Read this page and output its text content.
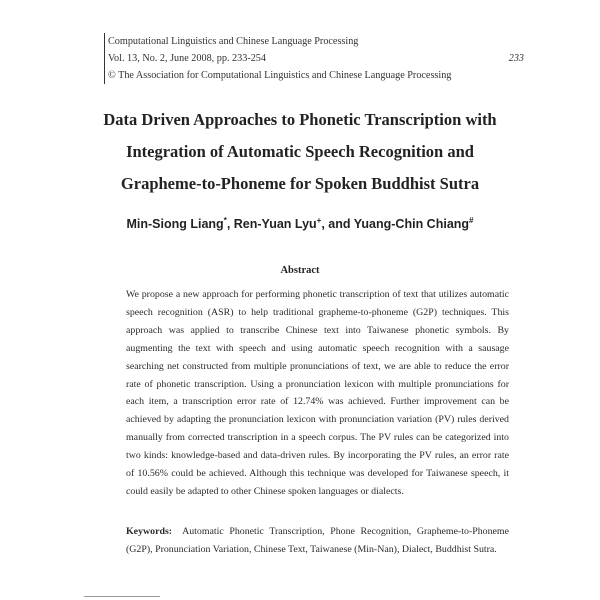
Computational Linguistics and Chinese Language Processing
Vol. 13, No. 2, June 2008, pp. 233-254	233
© The Association for Computational Linguistics and Chinese Language Processing
Data Driven Approaches to Phonetic Transcription with
Integration of Automatic Speech Recognition and
Grapheme-to-Phoneme for Spoken Buddhist Sutra
Min-Siong Liang*, Ren-Yuan Lyu+, and Yuang-Chin Chiang#
Abstract

We propose a new approach for performing phonetic transcription of text that utilizes automatic speech recognition (ASR) to help traditional grapheme-to-phoneme (G2P) techniques. This approach was applied to transcribe Chinese text into Taiwanese phonetic symbols. By augmenting the text with speech and using automatic speech recognition with a sausage searching net constructed from multiple pronunciations of text, we are able to reduce the error rate of phonetic transcription. Using a pronunciation lexicon with multiple pronunciations for each item, a transcription error rate of 12.74% was achieved. Further improvement can be achieved by adapting the pronunciation lexicon with pronunciation variation (PV) rules derived manually from corrected transcription in a speech corpus. The PV rules can be categorized into two kinds: knowledge-based and data-driven rules. By incorporating the PV rules, an error rate of 10.56% could be achieved. Although this technique was developed for Taiwanese speech, it could easily be adapted to other Chinese spoken languages or dialects.

Keywords: Automatic Phonetic Transcription, Phone Recognition, Grapheme-to-Phoneme (G2P), Pronunciation Variation, Chinese Text, Taiwanese (Min-Nan), Dialect, Buddhist Sutra.
